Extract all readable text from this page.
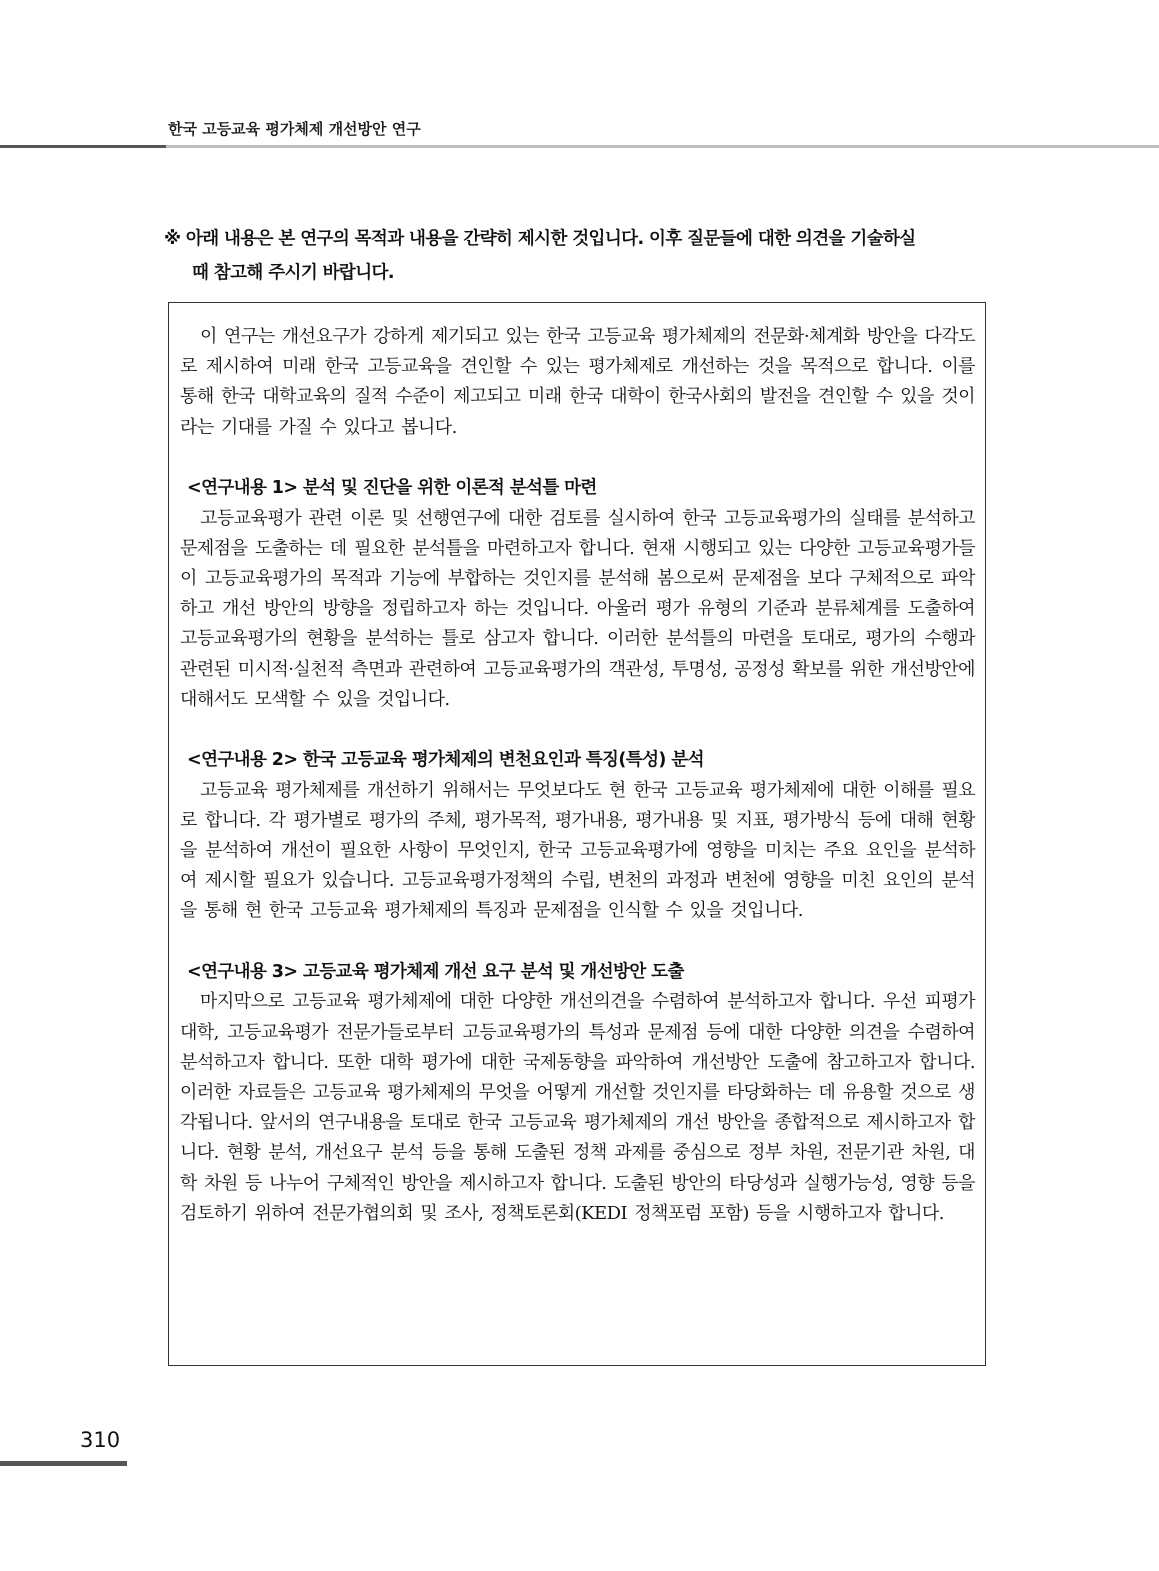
한국 고등교육 평가체제 개선방안 연구
※ 아래 내용은 본 연구의 목적과 내용을 간략히 제시한 것입니다. 이후 질문들에 대한 의견을 기술하실
때 참고해 주시기 바랍니다.

이 연구는 개선요구가 강하게 제기되고 있는 한국 고등교육 평가체제의 전문화·체계화 방안을 다각도로 제시하여 미래 한국 고등교육을 견인할 수 있는 평가체제로 개선하는 것을 목적으로 합니다. 이를 통해 한국 대학교육의 질적 수준이 제고되고 미래 한국 대학이 한국사회의 발전을 견인할 수 있을 것이라는 기대를 가질 수 있다고 봅니다.

<연구내용 1> 분석 및 진단을 위한 이론적 분석틀 마련

고등교육평가 관련 이론 및 선행연구에 대한 검토를 실시하여 한국 고등교육평가의 실태를 분석하고 문제점을 도출하는 데 필요한 분석틀을 마련하고자 합니다. 현재 시행되고 있는 다양한 고등교육평가들이 고등교육평가의 목적과 기능에 부합하는 것인지를 분석해 봄으로써 문제점을 보다 구체적으로 파악하고 개선 방안의 방향을 정립하고자 하는 것입니다. 아울러 평가 유형의 기준과 분류체계를 도출하여 고등교육평가의 현황을 분석하는 틀로 삼고자 합니다. 이러한 분석틀의 마련을 토대로, 평가의 수행과 관련된 미시적·실천적 측면과 관련하여 고등교육평가의 객관성, 투명성, 공정성 확보를 위한 개선방안에 대해서도 모색할 수 있을 것입니다.

<연구내용 2> 한국 고등교육 평가체제의 변천요인과 특징(특성) 분석

고등교육 평가체제를 개선하기 위해서는 무엇보다도 현 한국 고등교육 평가체제에 대한 이해를 필요로 합니다. 각 평가별로 평가의 주체, 평가목적, 평가내용, 평가내용 및 지표, 평가방식 등에 대해 현황을 분석하여 개선이 필요한 사항이 무엇인지, 한국 고등교육평가에 영향을 미치는 주요 요인을 분석하여 제시할 필요가 있습니다. 고등교육평가정책의 수립, 변천의 과정과 변천에 영향을 미친 요인의 분석을 통해 현 한국 고등교육 평가체제의 특징과 문제점을 인식할 수 있을 것입니다.

<연구내용 3> 고등교육 평가체제 개선 요구 분석 및 개선방안 도출

마지막으로 고등교육 평가체제에 대한 다양한 개선의견을 수렴하여 분석하고자 합니다. 우선 피평가 대학, 고등교육평가 전문가들로부터 고등교육평가의 특성과 문제점 등에 대한 다양한 의견을 수렴하여 분석하고자 합니다. 또한 대학 평가에 대한 국제동향을 파악하여 개선방안 도출에 참고하고자 합니다. 이러한 자료들은 고등교육 평가체제의 무엇을 어떻게 개선할 것인지를 타당화하는 데 유용할 것으로 생각됩니다. 앞서의 연구내용을 토대로 한국 고등교육 평가체제의 개선 방안을 종합적으로 제시하고자 합니다. 현황 분석, 개선요구 분석 등을 통해 도출된 정책 과제를 중심으로 정부 차원, 전문기관 차원, 대학 차원 등 나누어 구체적인 방안을 제시하고자 합니다. 도출된 방안의 타당성과 실행가능성, 영향 등을 검토하기 위하여 전문가협의회 및 조사, 정책토론회(KEDI 정책포럼 포함) 등을 시행하고자 합니다.

310
